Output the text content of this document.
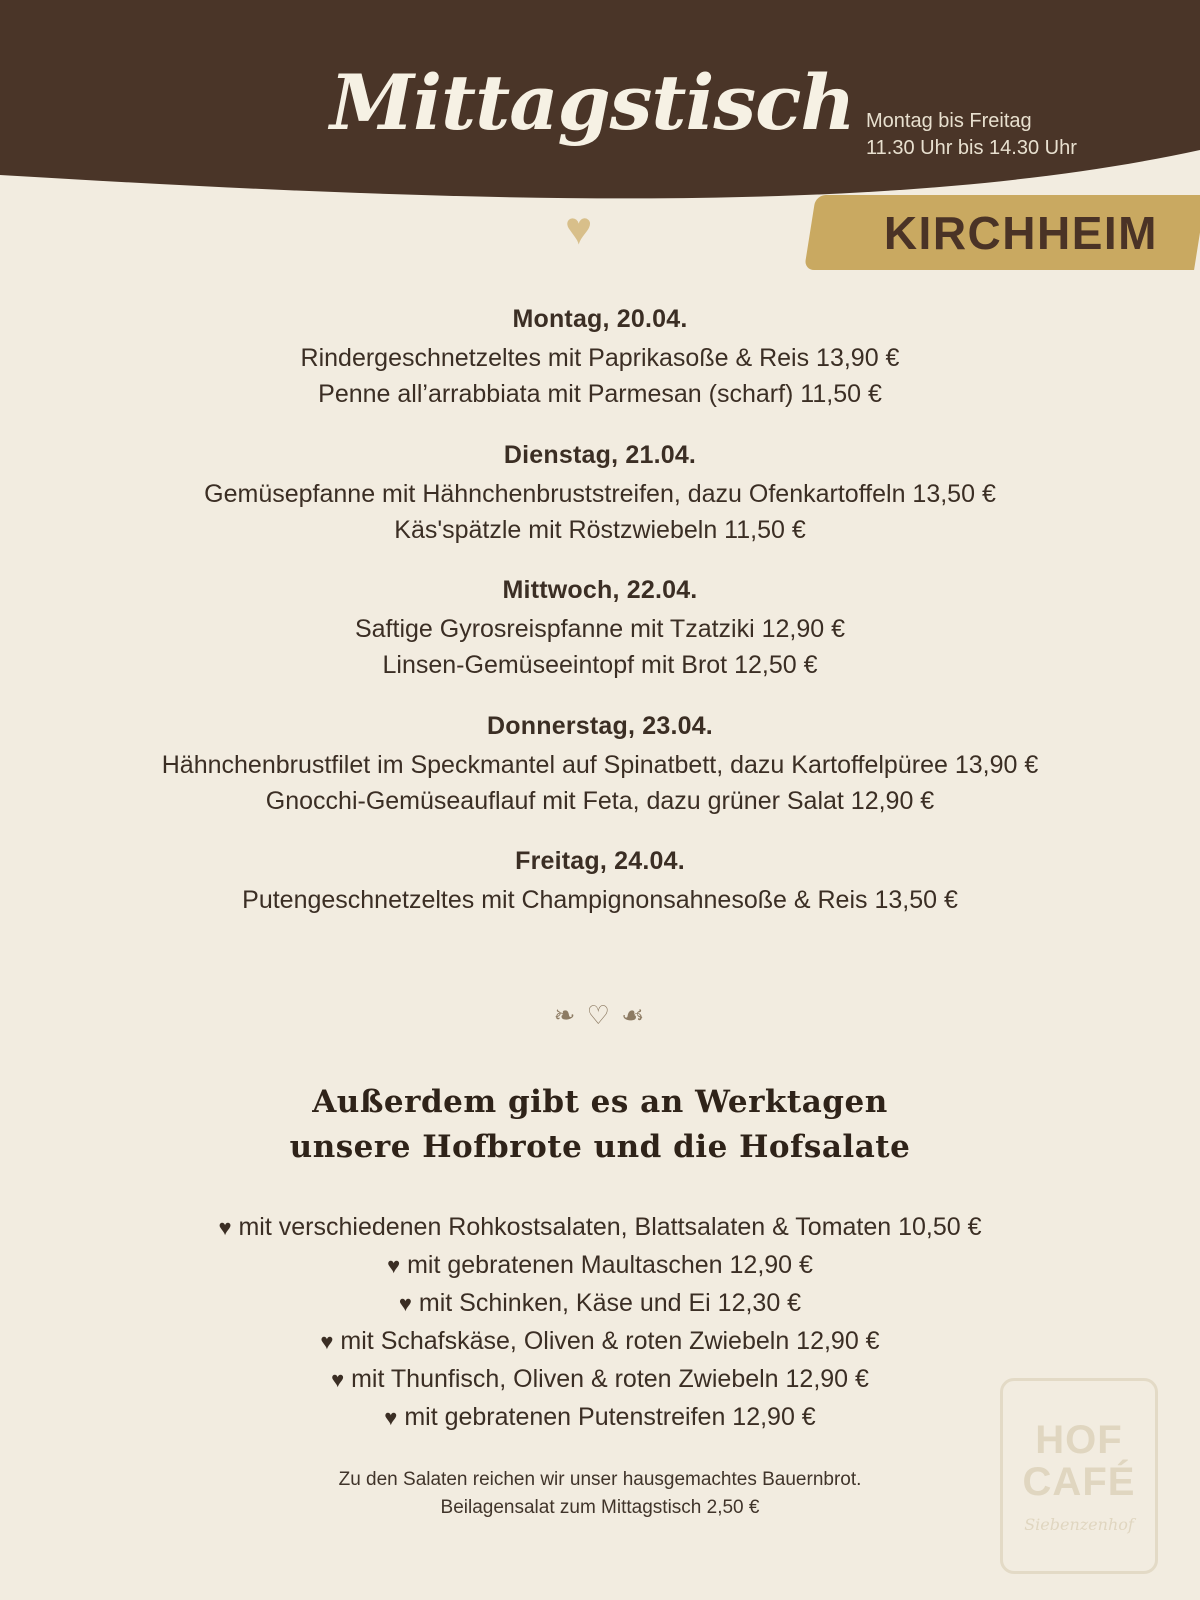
Mittagstisch Montag bis Freitag
11.30 Uhr bis 14.30 Uhr
♥	KIRCHHEIM
Montag, 20.04.
Rindergeschnetzeltes mit Paprikasoße & Reis 13,90 €
Penne all’arrabbiata mit Parmesan (scharf) 11,50 €
Dienstag, 21.04.
Gemüsepfanne mit Hähnchenbruststreifen, dazu Ofenkartoffeln 13,50 €
Käs'spätzle mit Röstzwiebeln 11,50 €
Mittwoch, 22.04.
Saftige Gyrosreispfanne mit Tzatziki 12,90 €
Linsen-Gemüseeintopf mit Brot 12,50 €
Donnerstag, 23.04.
Hähnchenbrustfilet im Speckmantel auf Spinatbett, dazu Kartoffelpüree 13,90 €
Gnocchi-Gemüseauflauf mit Feta, dazu grüner Salat 12,90 €
Freitag, 24.04.
Putengeschnetzeltes mit Champignonsahnesoße & Reis 13,50 €
❧ ♡ ☙
Außerdem gibt es an Werktagen
unsere Hofbrote und die Hofsalate
♥ mit verschiedenen Rohkostsalaten, Blattsalaten & Tomaten 10,50 €
♥ mit gebratenen Maultaschen 12,90 €
♥ mit Schinken, Käse und Ei 12,30 €
♥ mit Schafskäse, Oliven & roten Zwiebeln 12,90 €
♥ mit Thunfisch, Oliven & roten Zwiebeln 12,90 €
♥ mit gebratenen Putenstreifen 12,90 €
Zu den Salaten reichen wir unser hausgemachtes Bauernbrot.
Beilagensalat zum Mittagstisch 2,50 €
HOF
CAFÉ
Siebenzenhof
